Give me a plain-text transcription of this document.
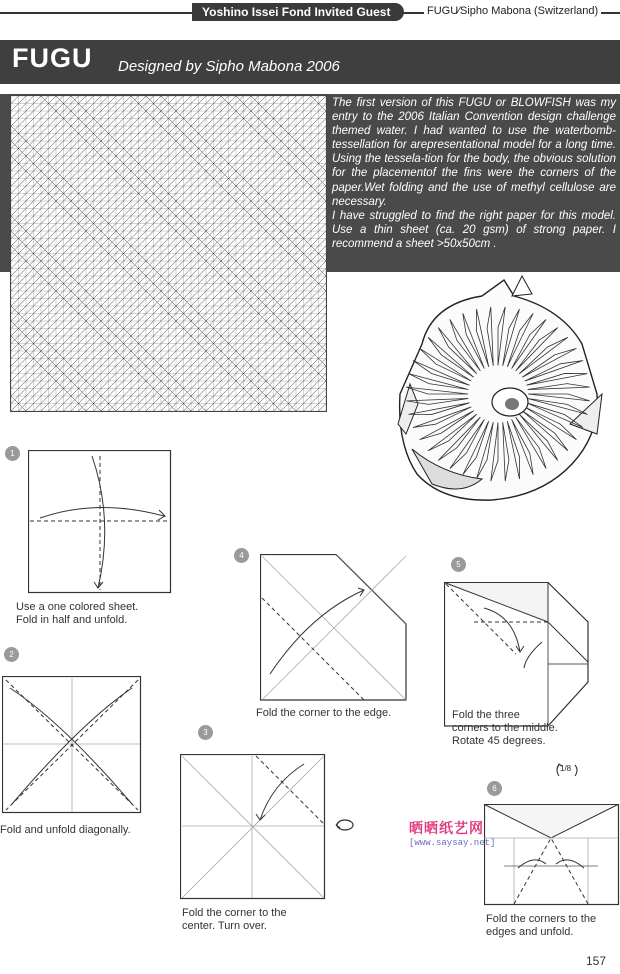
Yoshino Issei Fond Invited Guest	FUGU∕Sipho Mabona (Switzerland)
FUGU Designed by Sipho Mabona 2006

The first version of this FUGU or BLOWFISH was my entry to the 2006 Italian Convention design challenge themed water. I had wanted to use the waterbomb-tessellation for arepresentational model for a long time. Using the tessela-tion for the body, the obvious solution for the placementof the fins were the corners of the paper.Wet folding and the use of methyl cellulose are necessary.

I have struggled to find the right paper for this model. Use a thin sheet (ca. 20 gsm) of strong paper. I recommend a sheet >50x50cm .

1
Use a one colored sheet.
Fold in half and unfold.
2
Fold and unfold diagonally.
3
Fold the corner to the
center. Turn over.
4
Fold the corner to the edge.
5
Fold the three
corners to the middle.
Rotate 45 degrees.
1/8
6
Fold the corners to the
edges and unfold.
晒晒纸艺网
[www.saysay.net]
157
